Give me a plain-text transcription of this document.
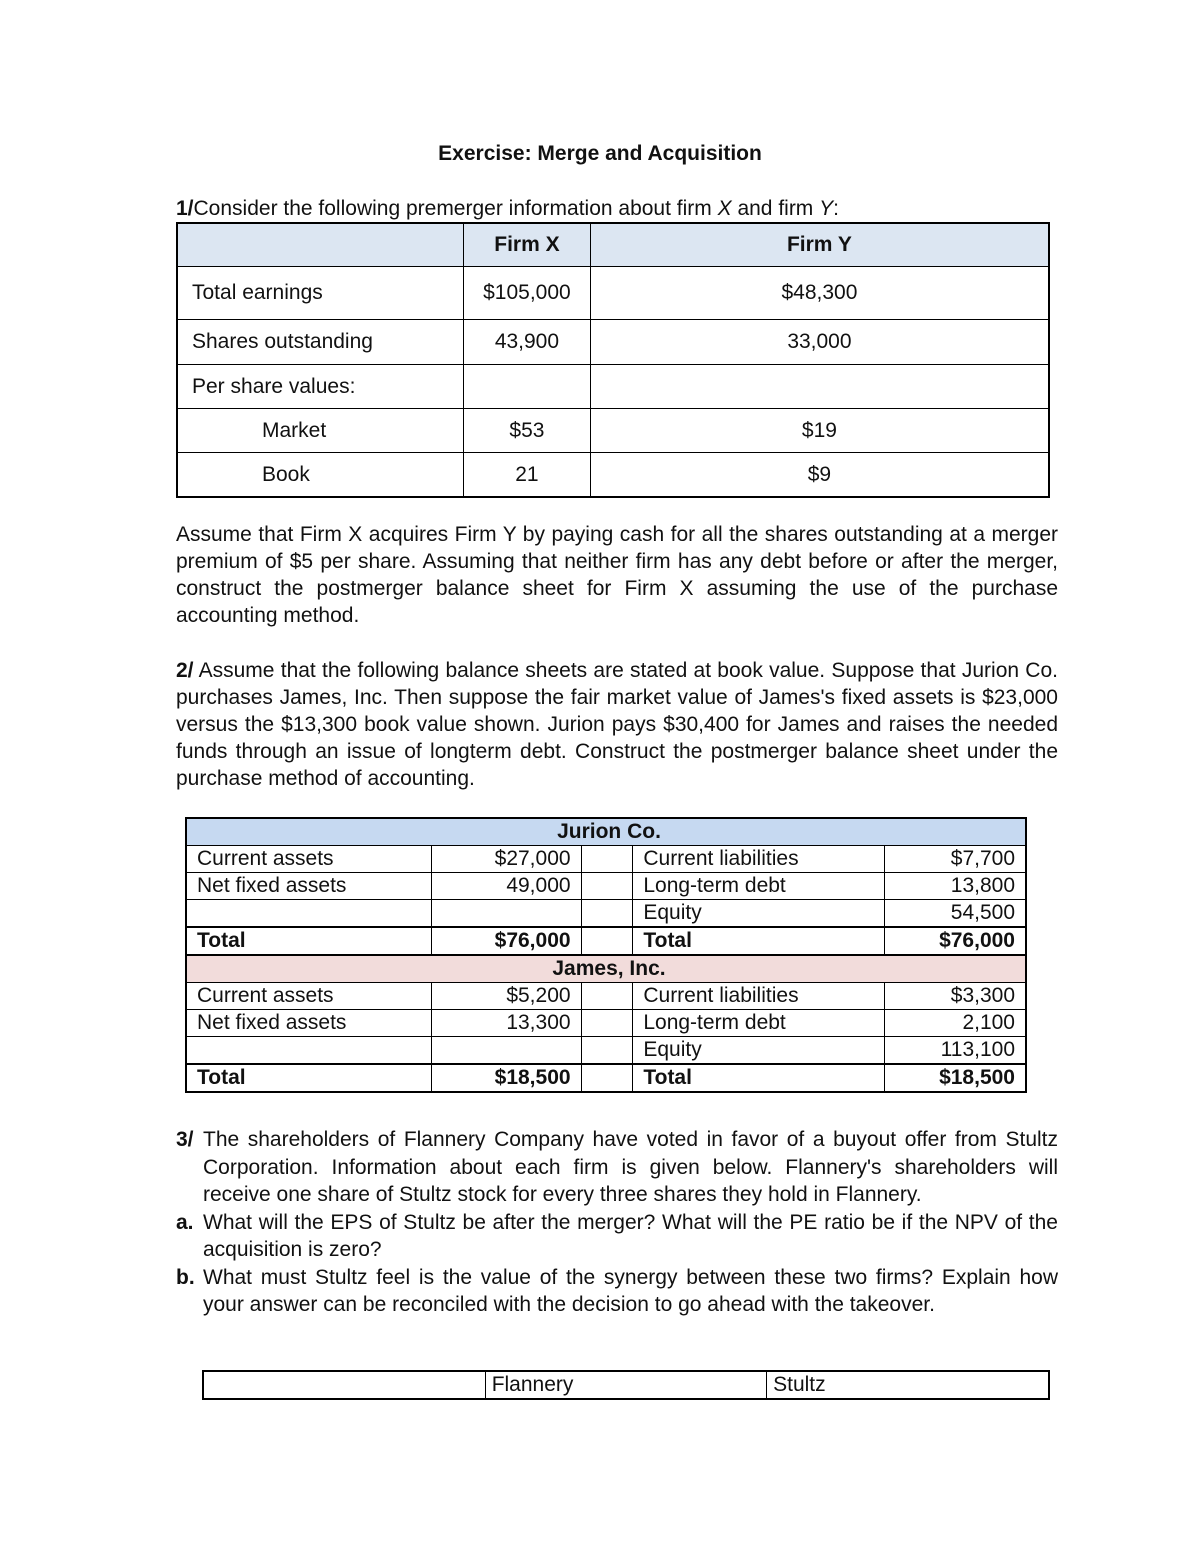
Exercise: Merge and Acquisition
1/Consider the following premerger information about firm X and firm Y:
	Firm X	Firm Y
Total earnings	$105,000	$48,300
Shares outstanding	43,900	33,000
Per share values:		
Market	$53	$19
Book	21	$9
Assume that Firm X acquires Firm Y by paying cash for all the shares outstanding at a merger premium of $5 per share. Assuming that neither firm has any debt before or after the merger, construct the postmerger balance sheet for Firm X assuming the use of the purchase accounting method.
2/ Assume that the following balance sheets are stated at book value. Suppose that Jurion Co. purchases James, Inc. Then suppose the fair market value of James's fixed assets is $23,000 versus the $13,300 book value shown. Jurion pays $30,400 for James and raises the needed funds through an issue of longterm debt. Construct the postmerger balance sheet under the purchase method of accounting.
Jurion Co.				
Current assets	$27,000		Current liabilities	$7,700
Net fixed assets	49,000		Long-term debt	13,800
			Equity	54,500
Total	$76,000		Total	$76,000
James, Inc.				
Current assets	$5,200		Current liabilities	$3,300
Net fixed assets	13,300		Long-term debt	2,100
			Equity	113,100
Total	$18,500		Total	$18,500
3/ The shareholders of Flannery Company have voted in favor of a buyout offer from Stultz Corporation. Information about each firm is given below. Flannery's shareholders will receive one share of Stultz stock for every three shares they hold in Flannery.
a. What will the EPS of Stultz be after the merger? What will the PE ratio be if the NPV of the acquisition is zero?
b. What must Stultz feel is the value of the synergy between these two firms? Explain how your answer can be reconciled with the decision to go ahead with the takeover.
	Flannery	Stultz
